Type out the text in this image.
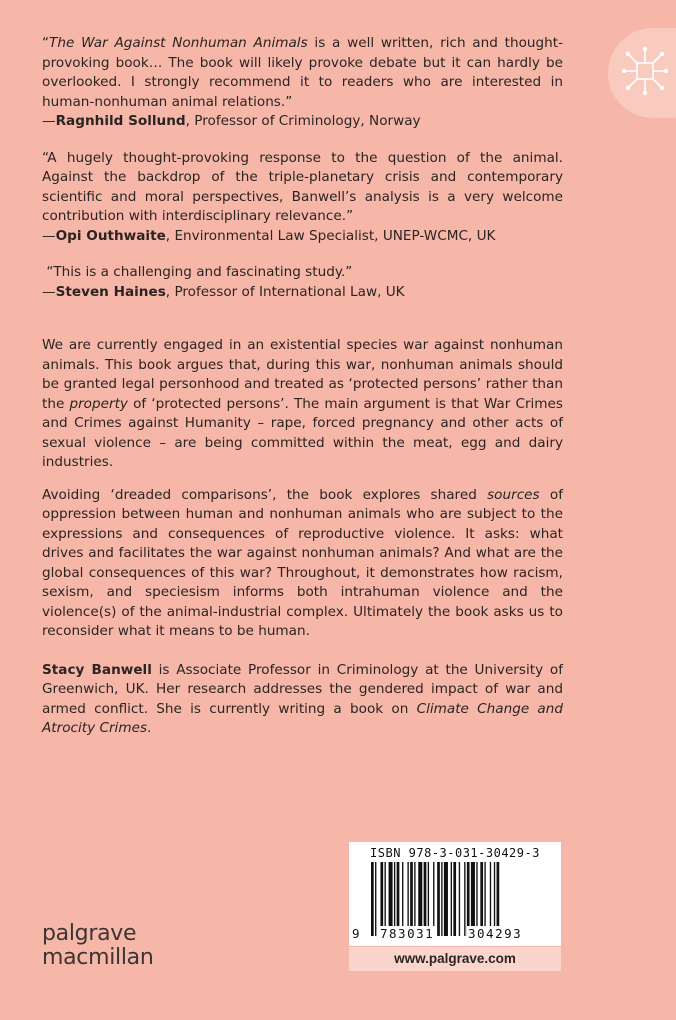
“The War Against Nonhuman Animals is a well written, rich and thought-provoking book… The book will likely provoke debate but it can hardly be overlooked. I strongly recommend it to readers who are interested in human-nonhuman animal relations.”

—Ragnhild Sollund, Professor of Criminology, Norway

“A hugely thought-provoking response to the question of the animal. Against the backdrop of the triple-planetary crisis and contemporary scientific and moral perspectives, Banwell’s analysis is a very welcome contribution with interdisciplinary relevance.”

—Opi Outhwaite, Environmental Law Specialist, UNEP-WCMC, UK

“This is a challenging and fascinating study.”

—Steven Haines, Professor of International Law, UK

We are currently engaged in an existential species war against nonhuman animals. This book argues that, during this war, nonhuman animals should be granted legal personhood and treated as ‘protected persons’ rather than the property of ‘protected persons’. The main argument is that War Crimes and Crimes against Humanity – rape, forced pregnancy and other acts of sexual violence – are being committed within the meat, egg and dairy industries.

Avoiding ‘dreaded comparisons’, the book explores shared sources of oppression between human and nonhuman animals who are subject to the expressions and consequences of reproductive violence. It asks: what drives and facilitates the war against nonhuman animals? And what are the global consequences of this war? Throughout, it demonstrates how racism, sexism, and speciesism informs both intrahuman violence and the violence(s) of the animal-industrial complex. Ultimately the book asks us to reconsider what it means to be human.

Stacy Banwell is Associate Professor in Criminology at the University of Greenwich, UK. Her research addresses the gendered impact of war and armed conflict. She is currently writing a book on Climate Change and Atrocity Crimes.

ISBN 978-3-031-30429-3
9 783031	304293
www.palgrave.com
palgrave
macmillan
